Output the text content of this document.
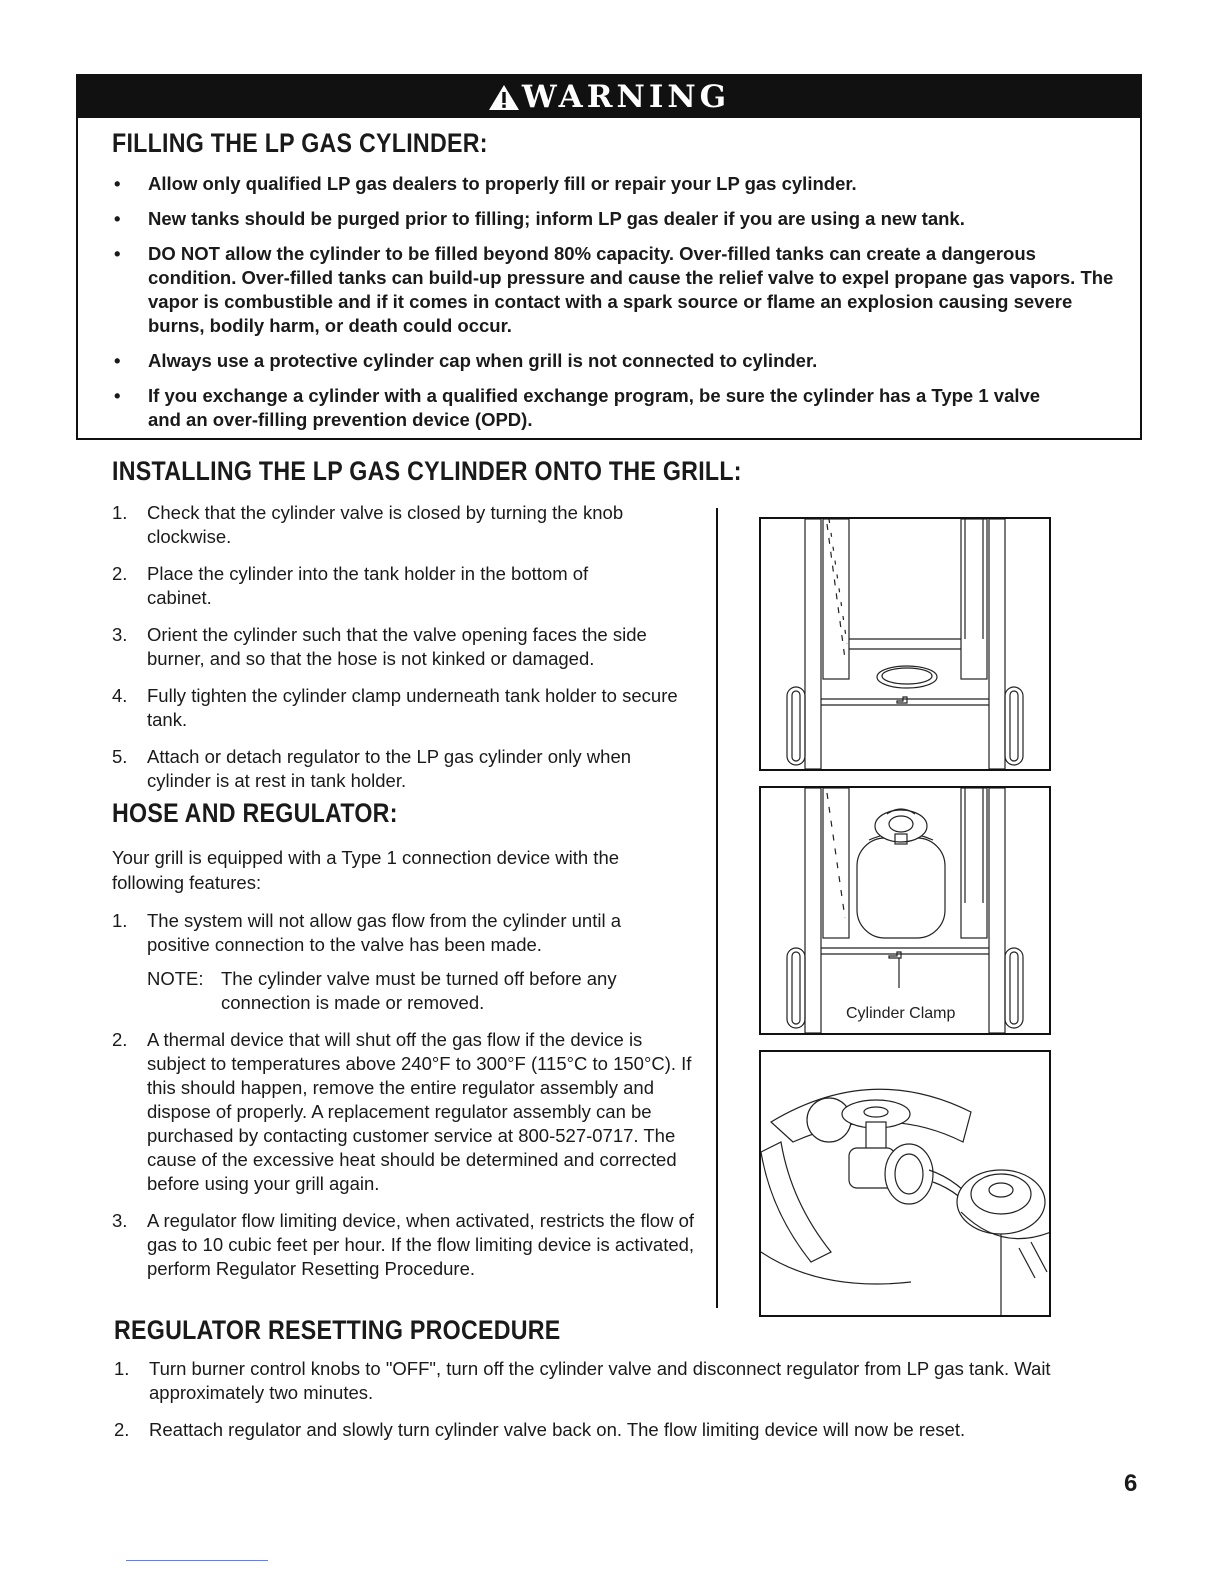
WARNING
FILLING THE LP GAS CYLINDER:
• Allow only qualified LP gas dealers to properly fill or repair your LP gas cylinder.
• New tanks should be purged prior to filling; inform LP gas dealer if you are using a new tank.
• DO NOT allow the cylinder to be filled beyond 80% capacity. Over-filled tanks can create a dangerous condition. Over-filled tanks can build-up pressure and cause the relief valve to expel propane gas vapors. The vapor is combustible and if it comes in contact with a spark source or flame an explosion causing severe burns, bodily harm, or death could occur.
• Always use a protective cylinder cap when grill is not connected to cylinder.
• If you exchange a cylinder with a qualified exchange program, be sure the cylinder has a Type 1 valve and an over-filling prevention device (OPD).
INSTALLING THE LP GAS CYLINDER ONTO THE GRILL:
1. Check that the cylinder valve is closed by turning the knob clockwise.
2. Place the cylinder into the tank holder in the bottom of cabinet.
3. Orient the cylinder such that the valve opening faces the side burner, and so that the hose is not kinked or damaged.
4. Fully tighten the cylinder clamp underneath tank holder to secure tank.
5. Attach or detach regulator to the LP gas cylinder only when cylinder is at rest in tank holder.
HOSE AND REGULATOR:

Your grill is equipped with a Type 1 connection device with the following features:

1. The system will not allow gas flow from the cylinder until a positive connection to the valve has been made.
NOTE: The cylinder valve must be turned off before any connection is made or removed.
2. A thermal device that will shut off the gas flow if the device is subject to temperatures above 240°F to 300°F (115°C to 150°C). If this should happen, remove the entire regulator assembly and dispose of properly. A replacement regulator assembly can be purchased by contacting customer service at 800-527-0717. The cause of the excessive heat should be determined and corrected before using your grill again.
3. A regulator flow limiting device, when activated, restricts the flow of gas to 10 cubic feet per hour. If the flow limiting device is activated, perform Regulator Resetting Procedure.
Cylinder Clamp
REGULATOR RESETTING PROCEDURE
1. Turn burner control knobs to "OFF", turn off the cylinder valve and disconnect regulator from LP gas tank. Wait approximately two minutes.
2. Reattach regulator and slowly turn cylinder valve back on. The flow limiting device will now be reset.
6
